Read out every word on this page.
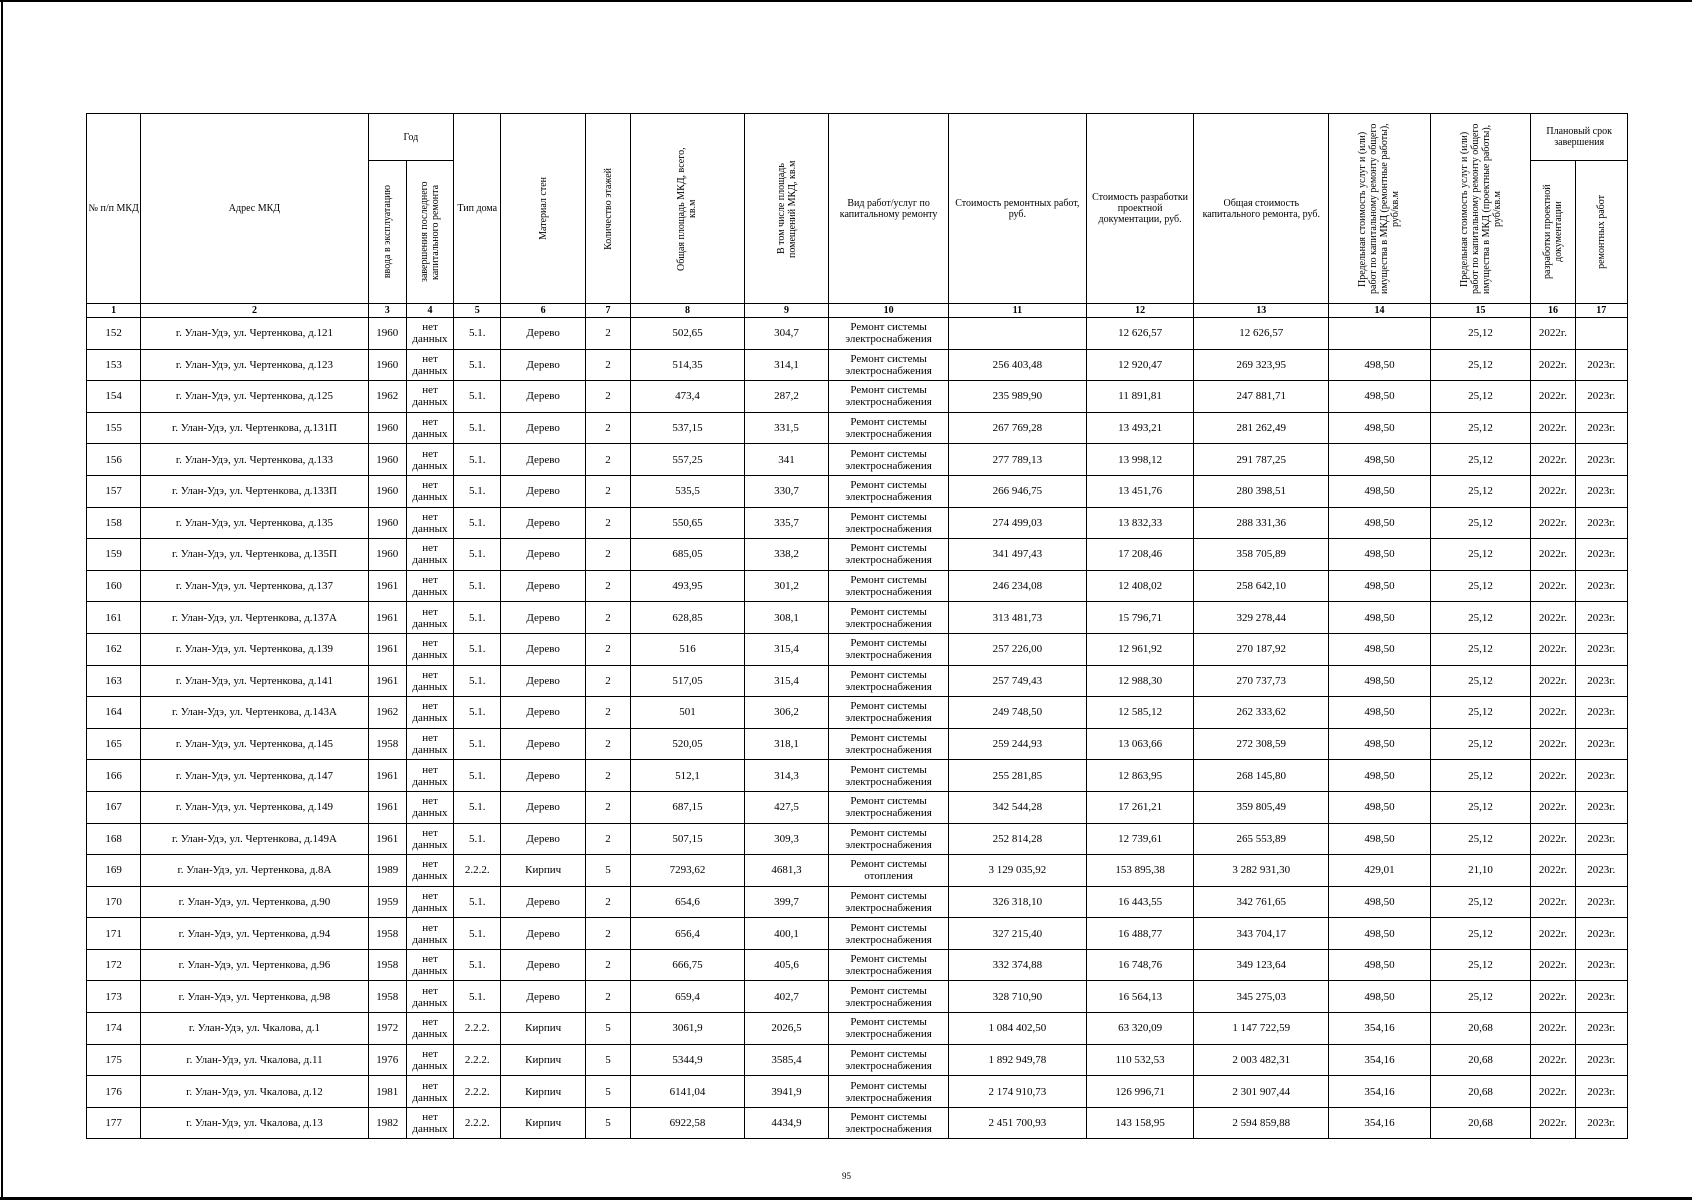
№ п/п МКД	Адрес МКД	Год		Тип дома	Материал стен	Количество этажей	Общая площадь МКД, всего, кв.м	В том числе площадь помещений МКД, кв.м	Вид работ/услуг по капитальному ремонту	Стоимость ремонтных работ, руб.	Стоимость разработки проектной документации, руб.	Общая стоимость капитального ремонта, руб.	Предельная стоимость услуг и (или) работ по капитальному ремонту общего имущества в МКД (ремонтные работы), руб/кв.м	Предельная стоимость услуг и (или) работ по капитальному ремонту общего имущества в МКД (проектные работы), руб/кв.м	Плановый срок завершения	

		ввода в эксплуатацию	завершения последнего капитального ремонта												разработки проектной документации	ремонтных работ

1	2	3	4	5	6	7	8	9	10	11	12	13	14	15	16	17
152	г. Улан-Удэ, ул. Чертенкова, д.121	1960	нет данных	5.1.	Дерево	2	502,65	304,7	Ремонт системы электроснабжения		12 626,57	12 626,57		25,12	2022г.	
153	г. Улан-Удэ, ул. Чертенкова, д.123	1960	нет данных	5.1.	Дерево	2	514,35	314,1	Ремонт системы электроснабжения	256 403,48	12 920,47	269 323,95	498,50	25,12	2022г.	2023г.
154	г. Улан-Удэ, ул. Чертенкова, д.125	1962	нет данных	5.1.	Дерево	2	473,4	287,2	Ремонт системы электроснабжения	235 989,90	11 891,81	247 881,71	498,50	25,12	2022г.	2023г.
155	г. Улан-Удэ, ул. Чертенкова, д.131П	1960	нет данных	5.1.	Дерево	2	537,15	331,5	Ремонт системы электроснабжения	267 769,28	13 493,21	281 262,49	498,50	25,12	2022г.	2023г.
156	г. Улан-Удэ, ул. Чертенкова, д.133	1960	нет данных	5.1.	Дерево	2	557,25	341	Ремонт системы электроснабжения	277 789,13	13 998,12	291 787,25	498,50	25,12	2022г.	2023г.
157	г. Улан-Удэ, ул. Чертенкова, д.133П	1960	нет данных	5.1.	Дерево	2	535,5	330,7	Ремонт системы электроснабжения	266 946,75	13 451,76	280 398,51	498,50	25,12	2022г.	2023г.
158	г. Улан-Удэ, ул. Чертенкова, д.135	1960	нет данных	5.1.	Дерево	2	550,65	335,7	Ремонт системы электроснабжения	274 499,03	13 832,33	288 331,36	498,50	25,12	2022г.	2023г.
159	г. Улан-Удэ, ул. Чертенкова, д.135П	1960	нет данных	5.1.	Дерево	2	685,05	338,2	Ремонт системы электроснабжения	341 497,43	17 208,46	358 705,89	498,50	25,12	2022г.	2023г.
160	г. Улан-Удэ, ул. Чертенкова, д.137	1961	нет данных	5.1.	Дерево	2	493,95	301,2	Ремонт системы электроснабжения	246 234,08	12 408,02	258 642,10	498,50	25,12	2022г.	2023г.
161	г. Улан-Удэ, ул. Чертенкова, д.137А	1961	нет данных	5.1.	Дерево	2	628,85	308,1	Ремонт системы электроснабжения	313 481,73	15 796,71	329 278,44	498,50	25,12	2022г.	2023г.
162	г. Улан-Удэ, ул. Чертенкова, д.139	1961	нет данных	5.1.	Дерево	2	516	315,4	Ремонт системы электроснабжения	257 226,00	12 961,92	270 187,92	498,50	25,12	2022г.	2023г.
163	г. Улан-Удэ, ул. Чертенкова, д.141	1961	нет данных	5.1.	Дерево	2	517,05	315,4	Ремонт системы электроснабжения	257 749,43	12 988,30	270 737,73	498,50	25,12	2022г.	2023г.
164	г. Улан-Удэ, ул. Чертенкова, д.143А	1962	нет данных	5.1.	Дерево	2	501	306,2	Ремонт системы электроснабжения	249 748,50	12 585,12	262 333,62	498,50	25,12	2022г.	2023г.
165	г. Улан-Удэ, ул. Чертенкова, д.145	1958	нет данных	5.1.	Дерево	2	520,05	318,1	Ремонт системы электроснабжения	259 244,93	13 063,66	272 308,59	498,50	25,12	2022г.	2023г.
166	г. Улан-Удэ, ул. Чертенкова, д.147	1961	нет данных	5.1.	Дерево	2	512,1	314,3	Ремонт системы электроснабжения	255 281,85	12 863,95	268 145,80	498,50	25,12	2022г.	2023г.
167	г. Улан-Удэ, ул. Чертенкова, д.149	1961	нет данных	5.1.	Дерево	2	687,15	427,5	Ремонт системы электроснабжения	342 544,28	17 261,21	359 805,49	498,50	25,12	2022г.	2023г.
168	г. Улан-Удэ, ул. Чертенкова, д.149А	1961	нет данных	5.1.	Дерево	2	507,15	309,3	Ремонт системы электроснабжения	252 814,28	12 739,61	265 553,89	498,50	25,12	2022г.	2023г.
169	г. Улан-Удэ, ул. Чертенкова, д.8А	1989	нет данных	2.2.2.	Кирпич	5	7293,62	4681,3	Ремонт системы отопления	3 129 035,92	153 895,38	3 282 931,30	429,01	21,10	2022г.	2023г.
170	г. Улан-Удэ, ул. Чертенкова, д.90	1959	нет данных	5.1.	Дерево	2	654,6	399,7	Ремонт системы электроснабжения	326 318,10	16 443,55	342 761,65	498,50	25,12	2022г.	2023г.
171	г. Улан-Удэ, ул. Чертенкова, д.94	1958	нет данных	5.1.	Дерево	2	656,4	400,1	Ремонт системы электроснабжения	327 215,40	16 488,77	343 704,17	498,50	25,12	2022г.	2023г.
172	г. Улан-Удэ, ул. Чертенкова, д.96	1958	нет данных	5.1.	Дерево	2	666,75	405,6	Ремонт системы электроснабжения	332 374,88	16 748,76	349 123,64	498,50	25,12	2022г.	2023г.
173	г. Улан-Удэ, ул. Чертенкова, д.98	1958	нет данных	5.1.	Дерево	2	659,4	402,7	Ремонт системы электроснабжения	328 710,90	16 564,13	345 275,03	498,50	25,12	2022г.	2023г.
174	г. Улан-Удэ, ул. Чкалова, д.1	1972	нет данных	2.2.2.	Кирпич	5	3061,9	2026,5	Ремонт системы электроснабжения	1 084 402,50	63 320,09	1 147 722,59	354,16	20,68	2022г.	2023г.
175	г. Улан-Удэ, ул. Чкалова, д.11	1976	нет данных	2.2.2.	Кирпич	5	5344,9	3585,4	Ремонт системы электроснабжения	1 892 949,78	110 532,53	2 003 482,31	354,16	20,68	2022г.	2023г.
176	г. Улан-Удэ, ул. Чкалова, д.12	1981	нет данных	2.2.2.	Кирпич	5	6141,04	3941,9	Ремонт системы электроснабжения	2 174 910,73	126 996,71	2 301 907,44	354,16	20,68	2022г.	2023г.
177	г. Улан-Удэ, ул. Чкалова, д.13	1982	нет данных	2.2.2.	Кирпич	5	6922,58	4434,9	Ремонт системы электроснабжения	2 451 700,93	143 158,95	2 594 859,88	354,16	20,68	2022г.	2023г.
95
